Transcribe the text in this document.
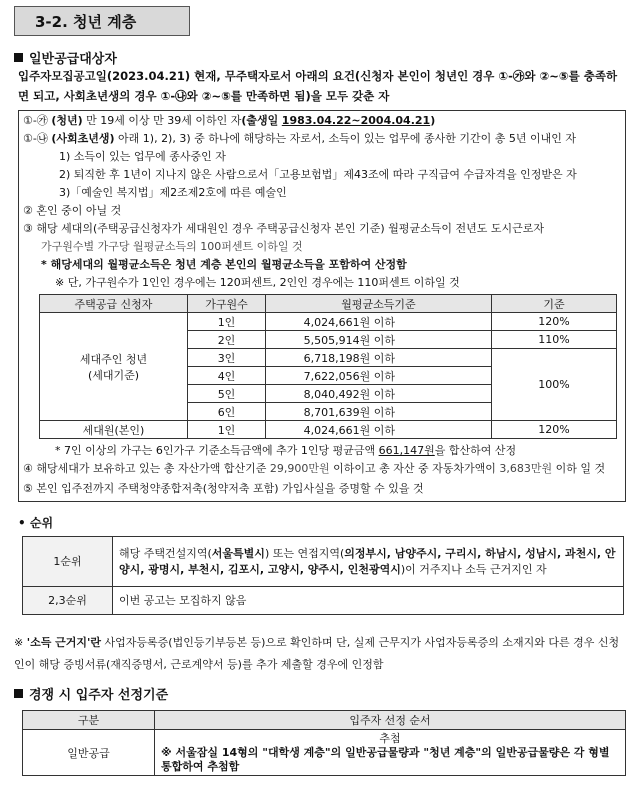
3-2. 청년 계층
일반공급대상자
입주자모집공고일(2023.04.21) 현재, 무주택자로서 아래의 요건(신청자 본인이 청년인 경우 ①-㉮와 ②~⑤를 충족하면 되고, 사회초년생의 경우 ①-㉯와 ②~⑤를 만족하면 됨)을 모두 갖춘 자
①-㉮ (청년) 만 19세 이상 만 39세 이하인 자(출생일 1983.04.22~2004.04.21)
①-㉯ (사회초년생) 아래 1), 2), 3) 중 하나에 해당하는 자로서, 소득이 있는 업무에 종사한 기간이 총 5년 이내인 자
1) 소득이 있는 업무에 종사중인 자
2) 퇴직한 후 1년이 지나지 않은 사람으로서「고용보험법」제43조에 따라 구직급여 수급자격을 인정받은 자
3)「예술인 복지법」제2조제2호에 따른 예술인
② 혼인 중이 아닐 것
③ 해당 세대의(주택공급신청자가 세대원인 경우 주택공급신청자 본인 기준) 월평균소득이 전년도 도시근로자
가구원수별 가구당 월평균소득의 100퍼센트 이하일 것
* 해당세대의 월평균소득은 청년 계층 본인의 월평균소득을 포함하여 산정함
※ 단, 가구원수가 1인인 경우에는 120퍼센트, 2인인 경우에는 110퍼센트 이하일 것
주택공급 신청자	가구원수	월평균소득기준	기준

세대주인 청년
(세대기준)	1인	4,024,661원 이하	120%
	2인	5,505,914원 이하	110%
	3인	6,718,198원 이하	100%
	4인	7,622,056원 이하	
	5인	8,040,492원 이하	
	6인	8,701,639원 이하	
세대원(본인)	1인	4,024,661원 이하	120%
* 7인 이상의 가구는 6인가구 기준소득금액에 추가 1인당 평균금액 661,147원을 합산하여 산정
④ 해당세대가 보유하고 있는 총 자산가액 합산기준 29,900만원 이하이고 총 자산 중 자동차가액이 3,683만원 이하 일 것
⑤ 본인 입주전까지 주택청약종합저축(청약저축 포함) 가입사실을 증명할 수 있을 것
• 순위
1순위	해당 주택건설지역(서울특별시) 또는 연접지역(의정부시, 남양주시, 구리시, 하남시, 성남시, 과천시, 안양시, 광명시, 부천시, 김포시, 고양시, 양주시, 인천광역시)이 거주지나 소득 근거지인 자
2,3순위	이번 공고는 모집하지 않음
※ '소득 근거지'란 사업자등록증(법인등기부등본 등)으로 확인하며 단, 실제 근무지가 사업자등록증의 소재지와 다른 경우 신청인이 해당 증빙서류(재직증명서, 근로계약서 등)를 추가 제출할 경우에 인정함
경쟁 시 입주자 선정기준
구분	입주자 선정 순서
일반공급	추첨
※ 서울잠실 14형의 "대학생 계층"의 일반공급물량과 "청년 계층"의 일반공급물량은 각 형별 통합하여 추첨함
